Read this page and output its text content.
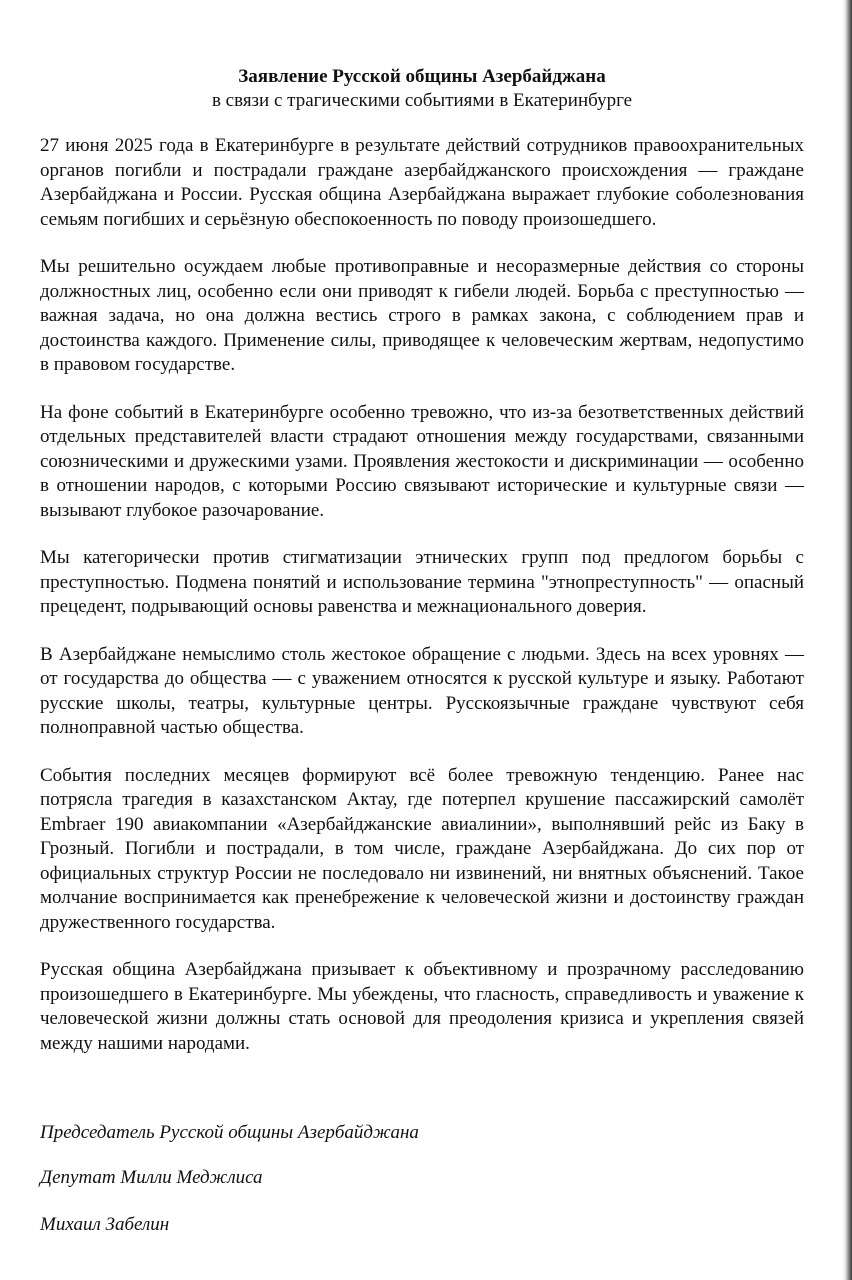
Заявление Русской общины Азербайджана

в связи с трагическими событиями в Екатеринбурге

27 июня 2025 года в Екатеринбурге в результате действий сотрудников правоохранительных органов погибли и пострадали граждане азербайджанского происхождения — граждане Азербайджана и России. Русская община Азербайджана выражает глубокие соболезнования семьям погибших и серьёзную обеспокоенность по поводу произошедшего.

Мы решительно осуждаем любые противоправные и несоразмерные действия со стороны должностных лиц, особенно если они приводят к гибели людей. Борьба с преступностью — важная задача, но она должна вестись строго в рамках закона, с соблюдением прав и достоинства каждого. Применение силы, приводящее к человеческим жертвам, недопустимо в правовом государстве.

На фоне событий в Екатеринбурге особенно тревожно, что из-за безответственных действий отдельных представителей власти страдают отношения между государствами, связанными союзническими и дружескими узами. Проявления жестокости и дискриминации — особенно в отношении народов, с которыми Россию связывают исторические и культурные связи — вызывают глубокое разочарование.

Мы категорически против стигматизации этнических групп под предлогом борьбы с преступностью. Подмена понятий и использование термина "этнопреступность" — опасный прецедент, подрывающий основы равенства и межнационального доверия.

В Азербайджане немыслимо столь жестокое обращение с людьми. Здесь на всех уровнях — от государства до общества — с уважением относятся к русской культуре и языку. Работают русские школы, театры, культурные центры. Русскоязычные граждане чувствуют себя полноправной частью общества.

События последних месяцев формируют всё более тревожную тенденцию. Ранее нас потрясла трагедия в казахстанском Актау, где потерпел крушение пассажирский самолёт Embraer 190 авиакомпании «Азербайджанские авиалинии», выполнявший рейс из Баку в Грозный. Погибли и пострадали, в том числе, граждане Азербайджана. До сих пор от официальных структур России не последовало ни извинений, ни внятных объяснений. Такое молчание воспринимается как пренебрежение к человеческой жизни и достоинству граждан дружественного государства.

Русская община Азербайджана призывает к объективному и прозрачному расследованию произошедшего в Екатеринбурге. Мы убеждены, что гласность, справедливость и уважение к человеческой жизни должны стать основой для преодоления кризиса и укрепления связей между нашими народами.

Председатель Русской общины Азербайджана

Депутат Милли Меджлиса

Михаил Забелин
